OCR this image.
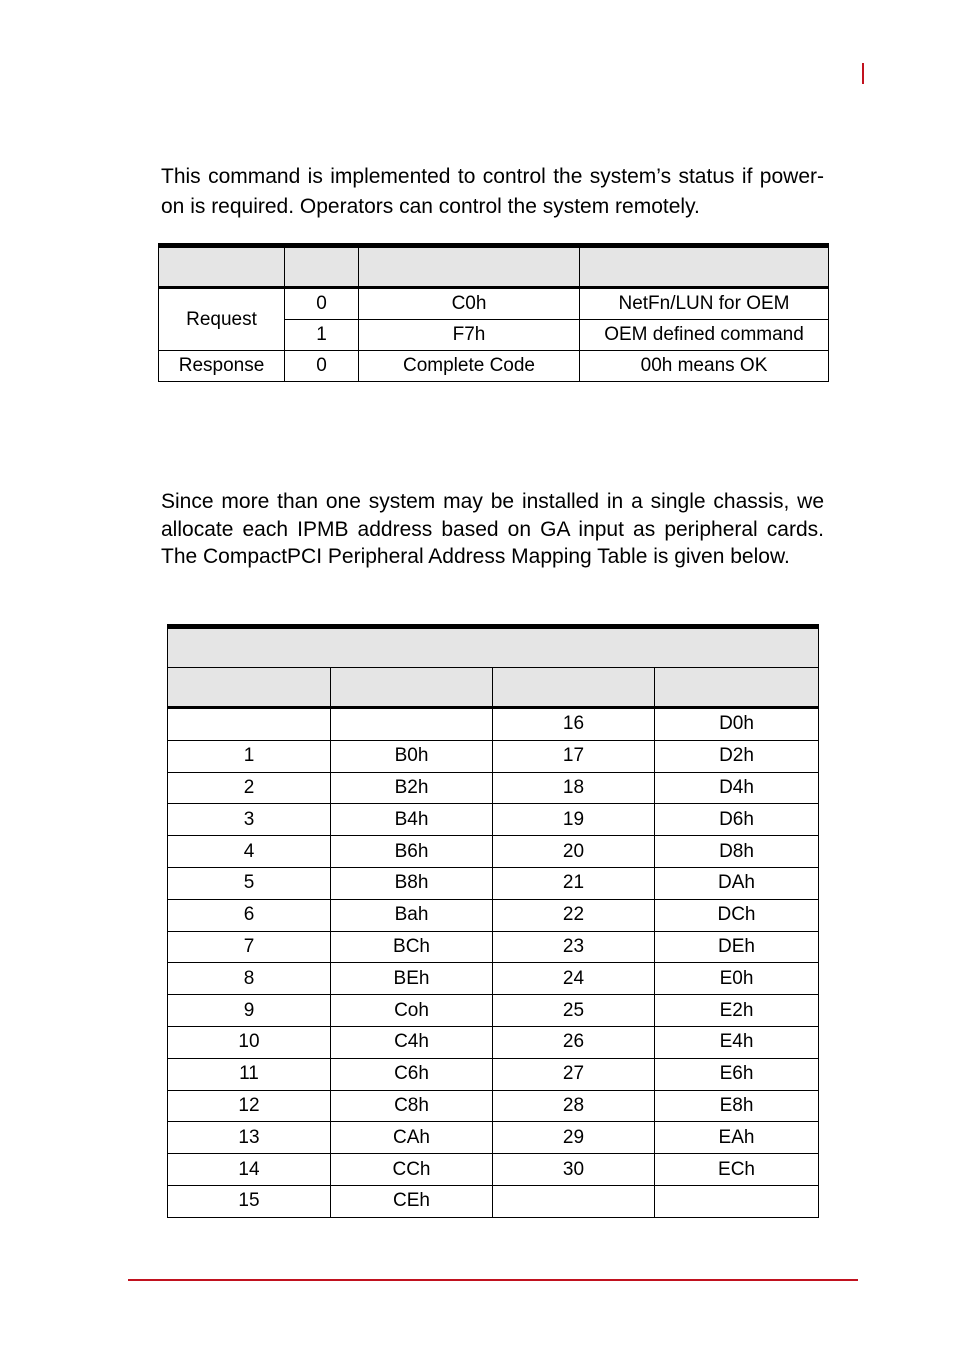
This command is implemented to control the system’s status if power-on is required. Operators can control the system remotely.

Request	0	C0h	NetFn/LUN for OEM
	1	F7h	OEM defined command
Response	0	Complete Code	00h means OK

Since more than one system may be installed in a single chassis, we allocate each IPMB address based on GA input as peripheral cards. The CompactPCI Peripheral Address Mapping Table is given below.

		16	D0h
1	B0h	17	D2h
2	B2h	18	D4h
3	B4h	19	D6h
4	B6h	20	D8h
5	B8h	21	DAh
6	Bah	22	DCh
7	BCh	23	DEh
8	BEh	24	E0h
9	Coh	25	E2h
10	C4h	26	E4h
11	C6h	27	E6h
12	C8h	28	E8h
13	CAh	29	EAh
14	CCh	30	ECh
15	CEh		
